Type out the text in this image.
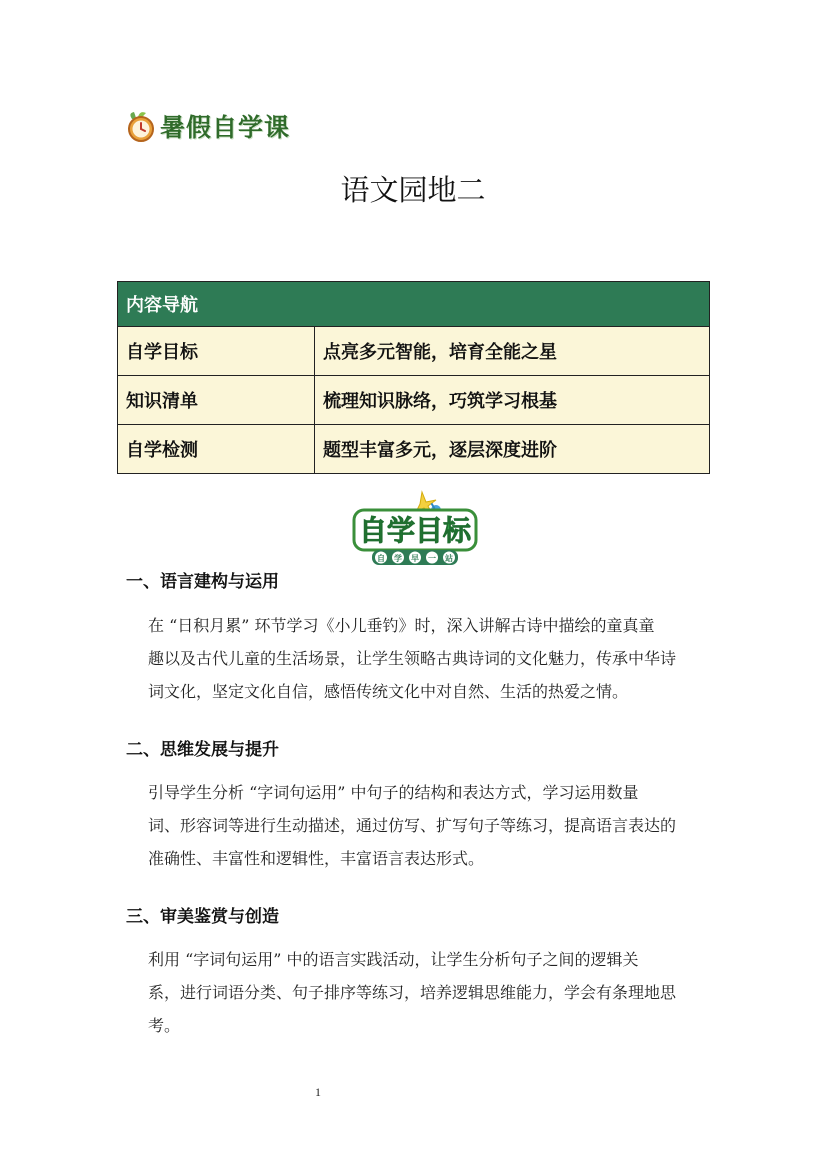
暑假自学课
语文园地二
内容导航	
自学目标	点亮多元智能，培育全能之星
知识清单	梳理知识脉络，巧筑学习根基
自学检测	题型丰富多元，逐层深度进阶
自学目标
自 学 早 一 站
一、语言建构与运用
在 “日积月累” 环节学习《小儿垂钓》时，深入讲解古诗中描绘的童真童
趣以及古代儿童的生活场景，让学生领略古典诗词的文化魅力，传承中华诗
词文化，坚定文化自信，感悟传统文化中对自然、生活的热爱之情。
二、思维发展与提升
引导学生分析 “字词句运用” 中句子的结构和表达方式，学习运用数量
词、形容词等进行生动描述，通过仿写、扩写句子等练习，提高语言表达的
准确性、丰富性和逻辑性，丰富语言表达形式。
三、审美鉴赏与创造
利用 “字词句运用” 中的语言实践活动，让学生分析句子之间的逻辑关
系，进行词语分类、句子排序等练习，培养逻辑思维能力，学会有条理地思
考。
1
